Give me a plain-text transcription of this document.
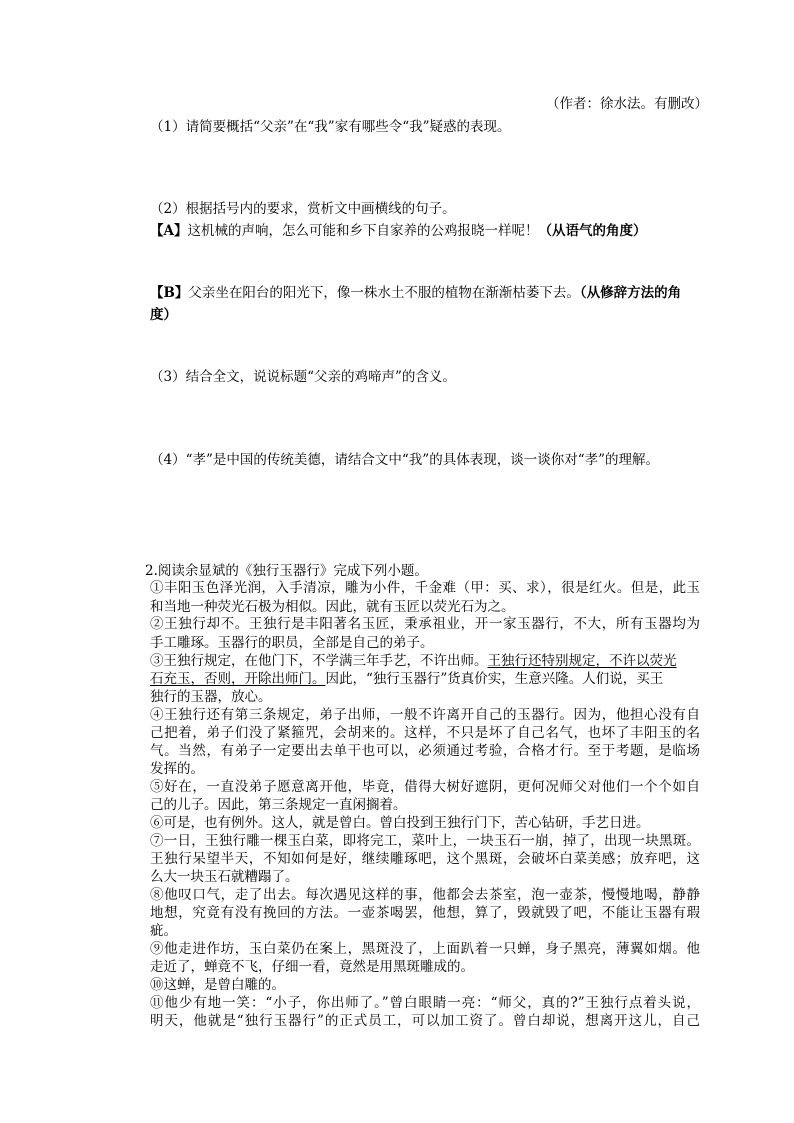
（作者：徐水法。有删改）
（1）请简要概括“父亲”在“我”家有哪些令“我”疑惑的表现。
（2）根据括号内的要求，赏析文中画横线的句子。
【A】这机械的声响，怎么可能和乡下自家养的公鸡报晓一样呢！（从语气的角度）
【B】父亲坐在阳台的阳光下，像一株水土不服的植物在渐渐枯萎下去。（从修辞方法的角
度）
（3）结合全文，说说标题“父亲的鸡啼声”的含义。
（4）“孝”是中国的传统美德，请结合文中“我”的具体表现，谈一谈你对“孝”的理解。
2.阅读余显斌的《独行玉器行》完成下列小题。
①丰阳玉色泽光润，入手清凉，雕为小件，千金难（甲：买、求），很是红火。但是，此玉
和当地一种荧光石极为相似。因此，就有玉匠以荧光石为之。
②王独行却不。王独行是丰阳著名玉匠，秉承祖业，开一家玉器行，不大，所有玉器均为
手工雕琢。玉器行的职员，全部是自己的弟子。
③王独行规定，在他门下，不学满三年手艺，不许出师。王独行还特别规定，不许以荧光
石充玉，否则，开除出师门。因此，“独行玉器行”货真价实，生意兴隆。人们说，买王
独行的玉器，放心。
④王独行还有第三条规定，弟子出师，一般不许离开自己的玉器行。因为，他担心没有自
己把着，弟子们没了紧箍咒，会胡来的。这样，不只是坏了自己名气，也坏了丰阳玉的名
气。当然，有弟子一定要出去单干也可以，必须通过考验，合格才行。至于考题，是临场
发挥的。
⑤好在，一直没弟子愿意离开他，毕竟，借得大树好遮阴，更何况师父对他们一个个如自
己的儿子。因此，第三条规定一直闲搁着。
⑥可是，也有例外。这人，就是曾白。曾白投到王独行门下，苦心钻研，手艺日进。
⑦一日，王独行雕一棵玉白菜，即将完工，菜叶上，一块玉石一崩，掉了，出现一块黑斑。
王独行呆望半天，不知如何是好，继续雕琢吧，这个黑斑，会破坏白菜美感；放弃吧，这
么大一块玉石就糟蹋了。
⑧他叹口气，走了出去。每次遇见这样的事，他都会去茶室，泡一壶茶，慢慢地喝，静静
地想，究竟有没有挽回的方法。一壶茶喝罢，他想，算了，毁就毁了吧，不能让玉器有瑕
疵。
⑨他走进作坊，玉白菜仍在案上，黑斑没了，上面趴着一只蝉，身子黑亮，薄翼如烟。他
走近了，蝉竟不飞，仔细一看，竟然是用黑斑雕成的。
⑩这蝉，是曾白雕的。
⑪他少有地一笑：“小子，你出师了。”曾白眼睛一亮：“师父，真的?”王独行点着头说，
明天，他就是“独行玉器行”的正式员工，可以加工资了。曾白却说，想离开这儿，自己
